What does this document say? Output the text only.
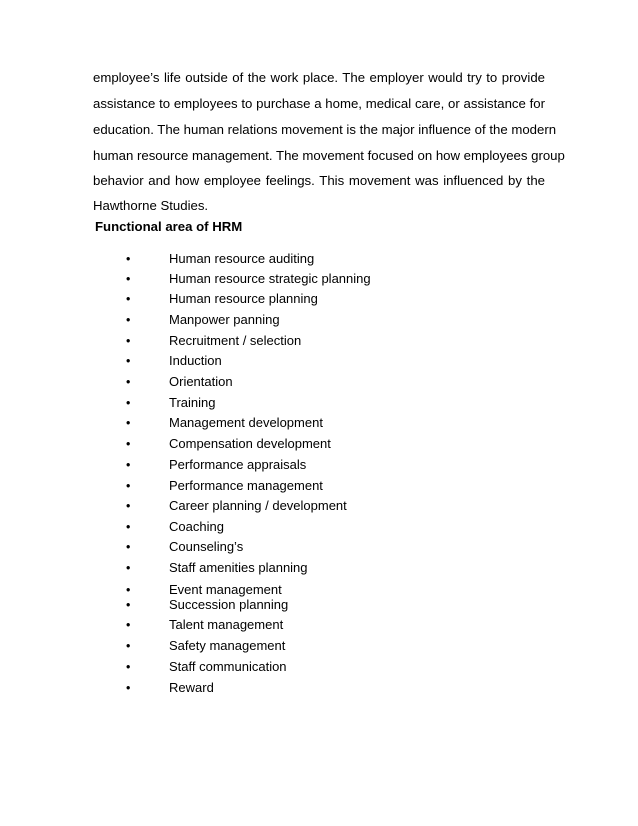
employee’s life outside of the work place. The employer would try to provide
assistance to employees to purchase a home, medical care, or assistance for
education. The human relations movement is the major influence of the modern
human resource management. The movement focused on how employees group
behavior and how employee feelings. This movement was influenced by the
Hawthorne Studies.
Functional area of HRM
•	Human resource auditing
•	Human resource strategic planning
•	Human resource planning
•	Manpower panning
•	Recruitment / selection
•	Induction
•	Orientation
•	Training
•	Management development
•	Compensation development
•	Performance appraisals
•	Performance management
•	Career planning / development
•	Coaching
•	Counseling’s
•	Staff amenities planning
•	Event management
•	Succession planning
•	Talent management
•	Safety management
•	Staff communication
•	Reward
